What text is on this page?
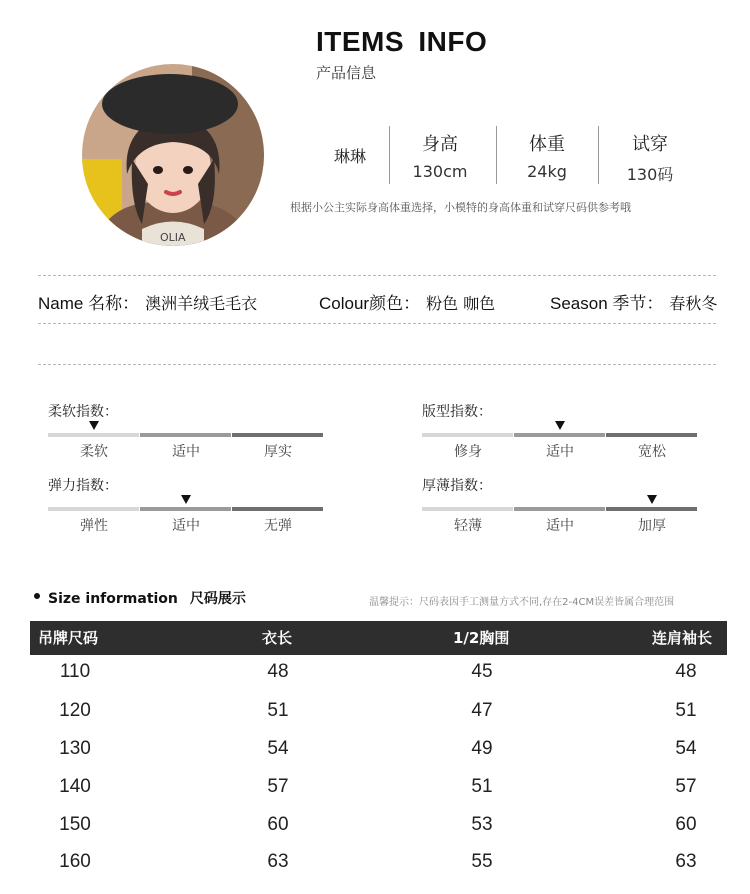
ITEMS INFO
产品信息
OLIA
琳琳
身高
130cm
体重
24kg
试穿
130码
根据小公主实际身高体重选择，小模特的身高体重和试穿尺码供参考哦
Name 名称： 澳洲羊绒毛毛衣	Colour颜色： 粉色 咖色	Season 季节： 春秋冬
柔软指数：
柔软	适中	厚实
版型指数：
修身	适中	宽松
弹力指数：
弹性	适中	无弹
厚薄指数：
轻薄	适中	加厚
Size information 尺码展示	温馨提示：尺码表因手工测量方式不同,存在2-4CM误差皆属合理范围
吊牌尺码	衣长	1/2胸围	连肩袖长
110	48	45	48
120	51	47	51
130	54	49	54
140	57	51	57
150	60	53	60
160	63	55	63
